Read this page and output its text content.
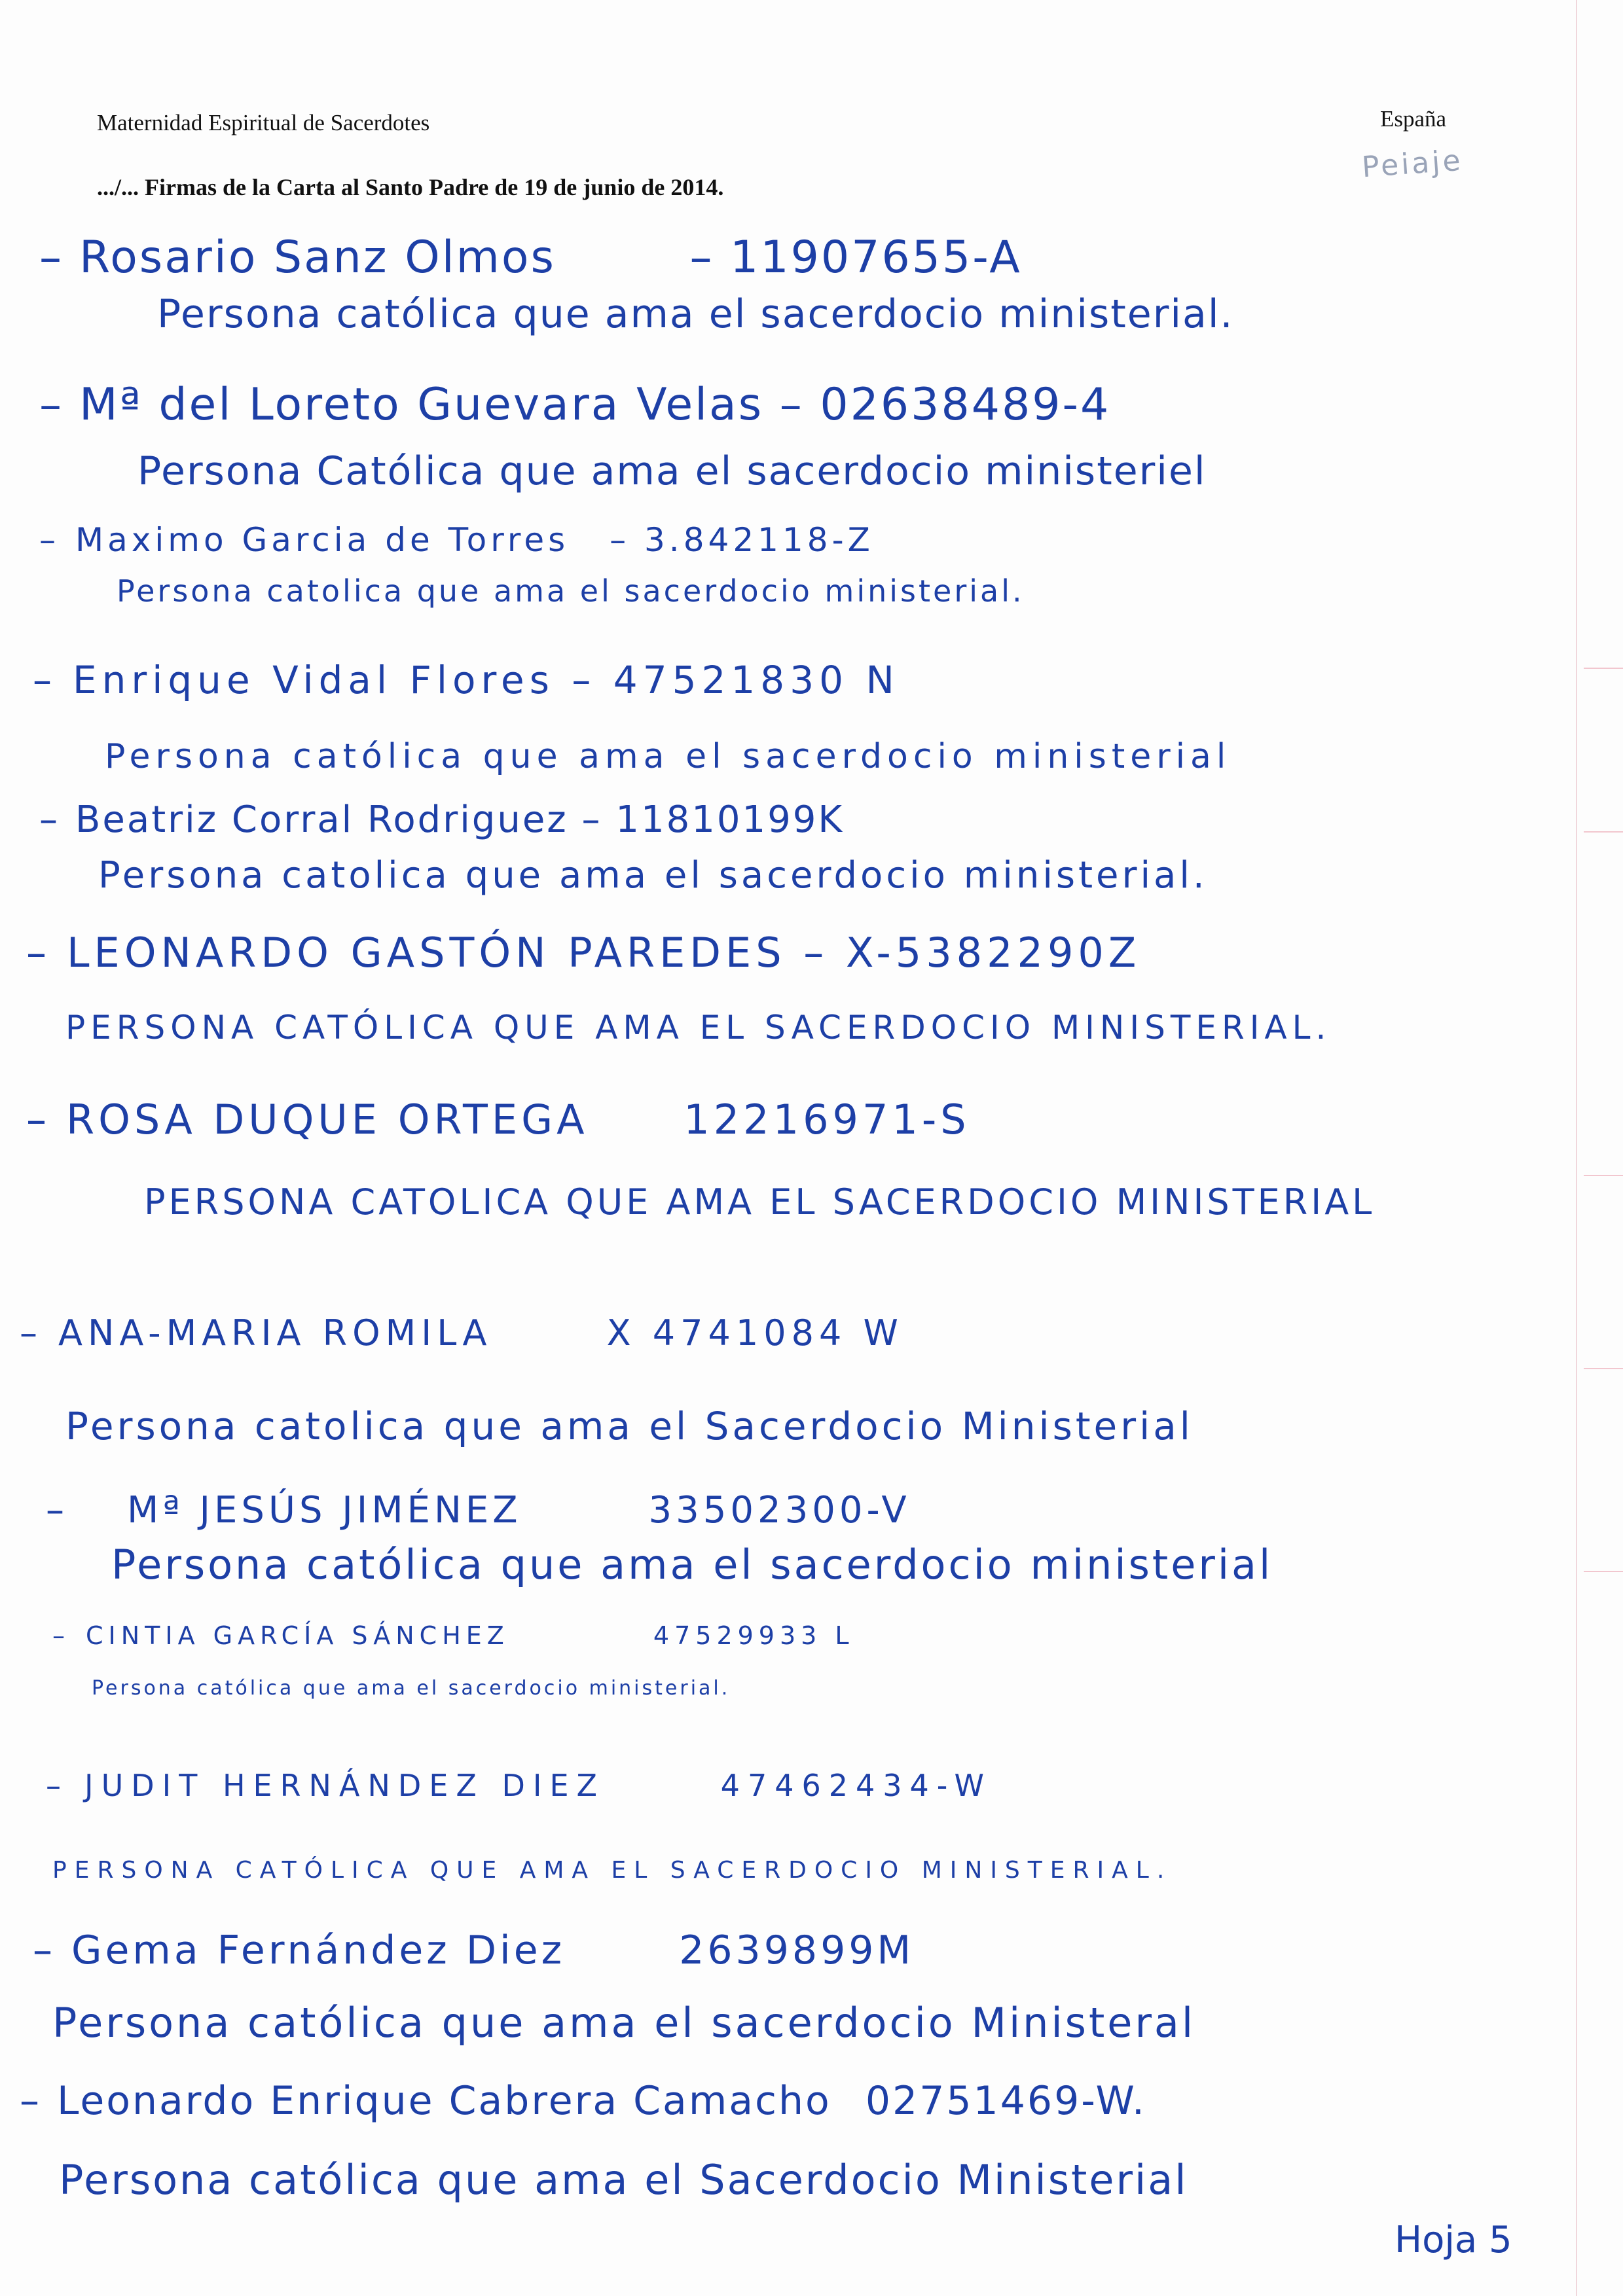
Maternidad Espiritual de Sacerdotes	España
Peiaje
.../... Firmas de la Carta al Santo Padre de 19 de junio de 2014.
– Rosario Sanz Olmos	– 11907655-A
Persona católica que ama el sacerdocio ministerial.
– Mª del Loreto Guevara Velas – 02638489-4
Persona Católica que ama el sacerdocio ministeriel
– Maximo Garcia de Torres – 3.842118-Z
Persona catolica que ama el sacerdocio ministerial.
– Enrique Vidal Flores – 47521830 N
Persona católica que ama el sacerdocio ministerial
– Beatriz Corral Rodriguez – 11810199K
Persona catolica que ama el sacerdocio ministerial.
– LEONARDO GASTÓN PAREDES – X-5382290Z
PERSONA CATÓLICA QUE AMA EL SACERDOCIO MINISTERIAL.
– ROSA DUQUE ORTEGA 12216971-S
PERSONA CATOLICA QUE AMA EL SACERDOCIO MINISTERIAL
– ANA-MARIA ROMILA	X 4741084 W
Persona catolica que ama el Sacerdocio Ministerial
– Mª JESÚS JIMÉNEZ	33502300-V
Persona católica que ama el sacerdocio ministerial
– CINTIA GARCÍA SÁNCHEZ	47529933 L
Persona católica que ama el sacerdocio ministerial.
– JUDIT HERNÁNDEZ DIEZ	47462434-W
PERSONA CATÓLICA QUE AMA EL SACERDOCIO MINISTERIAL.
– Gema Fernández Diez	2639899M
Persona católica que ama el sacerdocio Ministeral
– Leonardo Enrique Cabrera Camacho 02751469-W.
Persona católica que ama el Sacerdocio Ministerial
Hoja 5
